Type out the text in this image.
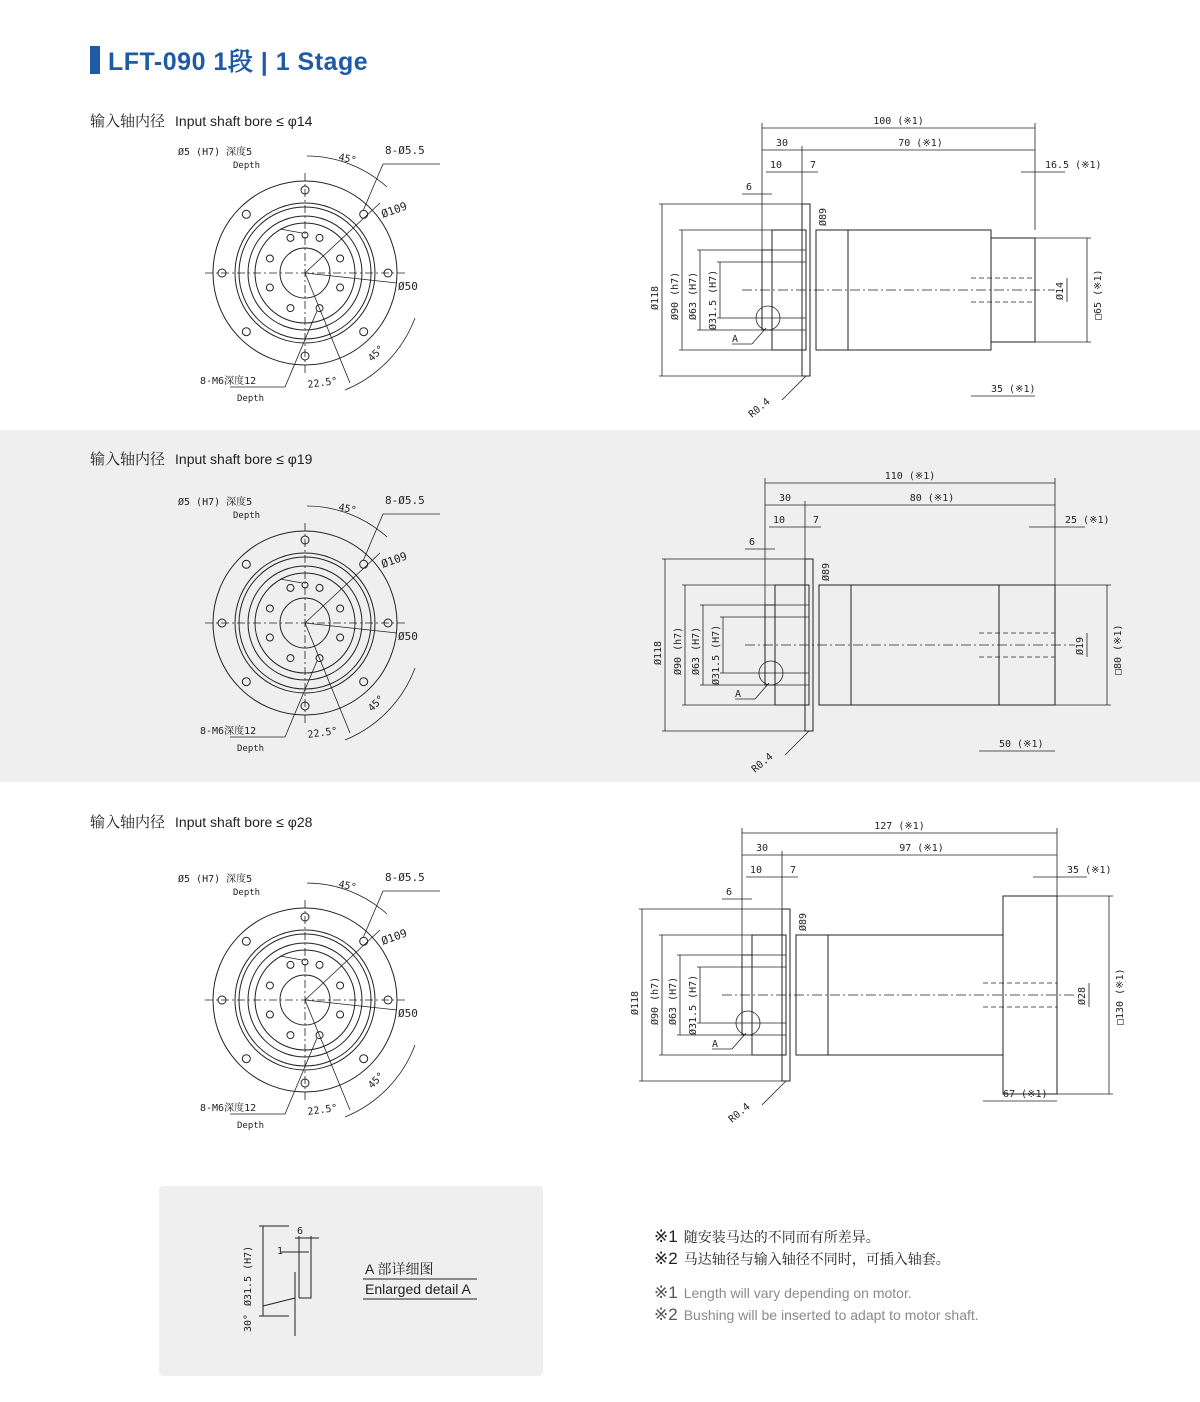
LFT-090 1段 | 1 Stage
输入轴内径 Input shaft bore ≤ φ14
输入轴内径 Input shaft bore ≤ φ19
输入轴内径 Input shaft bore ≤ φ28
Ø5 (H7) 深度5
Depth	45°
8-Ø5.5
Ø109
Ø50
45°
8-M6深度12
Depth
22.5°
Ø5 (H7) 深度5
Depth	45°
8-Ø5.5
Ø109
Ø50
45°
8-M6深度12
Depth
22.5°
Ø5 (H7) 深度5
Depth	45°
8-Ø5.5
Ø109
Ø50
45°
8-M6深度12
Depth
22.5°
100 (※1)
30	70 (※1)
10	7	16.5 (※1)
6
Ø118 Ø90 (h7) Ø63 (H7) Ø31.5 (H7)
Ø89
Ø14	□65 (※1)
35 (※1)
R0.4
A
110 (※1)
30	80 (※1)
10	7	25 (※1)
6
Ø118 Ø90 (h7) Ø63 (H7) Ø31.5 (H7)
Ø89
Ø19	□80 (※1)
50 (※1)
R0.4
A
127 (※1)
30	97 (※1)
10	7	35 (※1)
6
Ø118 Ø90 (h7) Ø63 (H7) Ø31.5 (H7)
Ø89
Ø28	□130 (※1)
67 (※1)
R0.4
A
6
1
Ø31.5 (H7)
30°
A 部详细图
Enlarged detail A
※1 随安装马达的不同而有所差异。
※2 马达轴径与输入轴径不同时，可插入轴套。
※1 Length will vary depending on motor.
※2 Bushing will be inserted to adapt to motor shaft.
